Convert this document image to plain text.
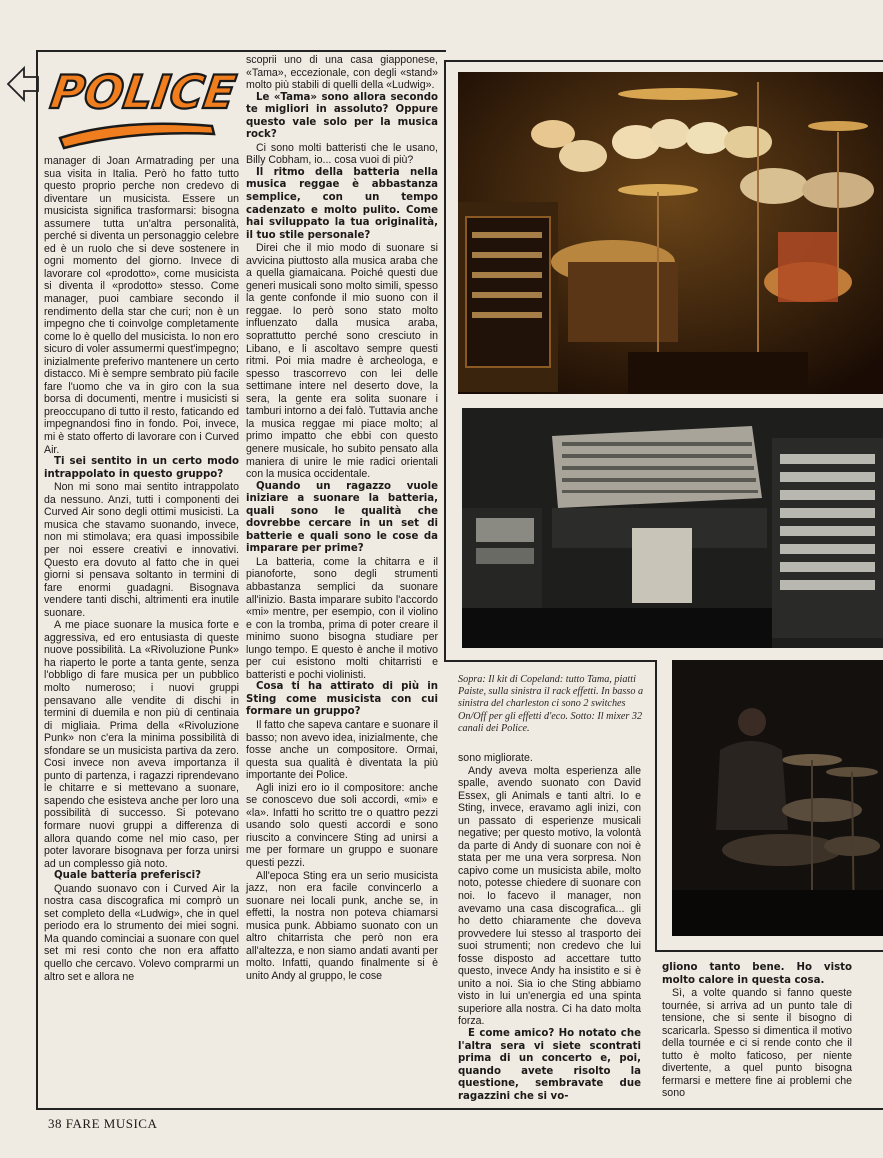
POLICE

manager di Joan Armatrading per una sua visita in Italia. Però ho fatto tutto questo proprio perche non credevo di diventare un musicista. Essere un musicista significa trasformarsi: bisogna assumere tutta un'altra personalità, perché si diventa un personaggio celebre ed è un ruolo che si deve sostenere in ogni momento del giorno. Invece di lavorare col «prodotto», come musicista si diventa il «prodotto» stesso. Come manager, puoi cambiare secondo il rendimento della star che curi; non è un impegno che ti coinvolge completamente come lo è quello del musicista. Io non ero sicuro di voler assumermi quest'impegno; inizialmente preferivo mantenere un certo distacco. Mi è sempre sembrato più facile fare l'uomo che va in giro con la sua borsa di documenti, mentre i musicisti si preoccupano di tutto il resto, faticando ed impegnandosi fino in fondo. Poi, invece, mi è stato offerto di lavorare con i Curved Air.

Ti sei sentito in un certo modo intrappolato in questo gruppo?

Non mi sono mai sentito intrappolato da nessuno. Anzi, tutti i componenti dei Curved Air sono degli ottimi musicisti. La musica che stavamo suonando, invece, non mi stimolava; era quasi impossibile per noi essere creativi e innovativi. Questo era dovuto al fatto che in quei giorni si pensava soltanto in termini di fare enormi guadagni. Bisognava vendere tanti dischi, altrimenti era inutile suonare.

A me piace suonare la musica forte e aggressiva, ed ero entusiasta di queste nuove possibilità. La «Rivoluzione Punk» ha riaperto le porte a tanta gente, senza l'obbligo di fare musica per un pubblico molto numeroso; i nuovi gruppi pensavano alle vendite di dischi in termini di duemila e non più di centinaia di migliaia. Prima della «Rivoluzione Punk» non c'era la minima possibilità di sfondare se un musicista partiva da zero. Cosi invece non aveva importanza il punto di partenza, i ragazzi riprendevano le chitarre e si mettevano a suonare, sapendo che esisteva anche per loro una possibilità di successo. Si potevano formare nuovi gruppi a differenza di allora quando come nel mio caso, per poter lavorare bisognava per forza unirsi ad un complesso già noto.

Quale batteria preferisci?

Quando suonavo con i Curved Air la nostra casa discografica mi comprò un set completo della «Ludwig», che in quel periodo era lo strumento dei miei sogni. Ma quando cominciai a suonare con quel set mi resi conto che non era affatto quello che cercavo. Volevo comprarmi un altro set e allora ne

scoprii uno di una casa giapponese, «Tama», eccezionale, con degli «stand» molto più stabili di quelli della «Ludwig».

Le «Tama» sono allora secondo te migliori in assoluto? Oppure questo vale solo per la musica rock?

Ci sono molti batteristi che le usano, Billy Cobham, io... cosa vuoi di più?

Il ritmo della batteria nella musica reggae è abbastanza semplice, con un tempo cadenzato e molto pulito. Come hai sviluppato la tua originalità, il tuo stile personale?

Direi che il mio modo di suonare si avvicina piuttosto alla musica araba che a quella giamaicana. Poiché questi due generi musicali sono molto simili, spesso la gente confonde il mio suono con il reggae. Io però sono stato molto influenzato dalla musica araba, soprattutto perché sono cresciuto in Libano, e li ascoltavo sempre questi ritmi. Poi mia madre è archeologa, e spesso trascorrevo con lei delle settimane intere nel deserto dove, la sera, la gente era solita suonare i tamburi intorno a dei falò. Tuttavia anche la musica reggae mi piace molto; al primo impatto che ebbi con questo genere musicale, ho subito pensato alla maniera di unire le mie radici orientali con la musica occidentale.

Quando un ragazzo vuole iniziare a suonare la batteria, quali sono le qualità che dovrebbe cercare in un set di batterie e quali sono le cose da imparare per prime?

La batteria, come la chitarra e il pianoforte, sono degli strumenti abbastanza semplici da suonare all'inizio. Basta imparare subito l'accordo «mi» mentre, per esempio, con il violino e con la tromba, prima di poter creare il minimo suono bisogna studiare per lungo tempo. E questo è anche il motivo per cui esistono molti chitarristi e batteristi e pochi violinisti.

Cosa ti ha attirato di più in Sting come musicista con cui formare un gruppo?

Il fatto che sapeva cantare e suonare il basso; non avevo idea, inizialmente, che fosse anche un compositore. Ormai, questa sua qualità è diventata la più importante dei Police.

Agli inizi ero io il compositore: anche se conoscevo due soli accordi, «mi» e «la». Infatti ho scritto tre o quattro pezzi usando solo questi accordi e sono riuscito a convincere Sting ad unirsi a me per formare un gruppo e suonare questi pezzi.

All'epoca Sting era un serio musicista jazz, non era facile convincerlo a suonare nei locali punk, anche se, in effetti, la nostra non poteva chiamarsi musica punk. Abbiamo suonato con un altro chitarrista che però non era all'altezza, e non siamo andati avanti per molto. Infatti, quando finalmente si è unito Andy al gruppo, le cose

sono migliorate.

Andy aveva molta esperienza alle spalle, avendo suonato con David Essex, gli Animals e tanti altri. Io e Sting, invece, eravamo agli inizi, con un passato di esperienze musicali negative; per questo motivo, la volontà da parte di Andy di suonare con noi è stata per me una vera sorpresa. Non capivo come un musicista abile, molto noto, potesse chiedere di suonare con noi. Io facevo il manager, non avevamo una casa discografica... gli ho detto chiaramente che doveva provvedere lui stesso al trasporto dei suoi strumenti; non credevo che lui fosse disposto ad accettare tutto questo, invece Andy ha insistito e si è unito a noi. Sia io che Sting abbiamo visto in lui un'energia ed una spinta superiore alla nostra. Ci ha dato molta forza.

E come amico? Ho notato che l'altra sera vi siete scontrati prima di un concerto e, poi, quando avete risolto la questione, sembravate due ragazzini che si vo-

gliono tanto bene. Ho visto molto calore in questa cosa.

Sì, a volte quando si fanno queste tournée, si arriva ad un punto tale di tensione, che si sente il bisogno di scaricarla. Spesso si dimentica il motivo della tournée e ci si rende conto che il tutto è molto faticoso, per niente divertente, a quel punto bisogna fermarsi e mettere fine ai problemi che sono

Sopra: Il kit di Copeland: tutto Tama, piatti Paiste, sulla sinistra il rack effetti. In basso a sinistra del charleston ci sono 2 switches On/Off per gli effetti d'eco. Sotto: Il mixer 32 canali dei Police.
38 FARE MUSICA
